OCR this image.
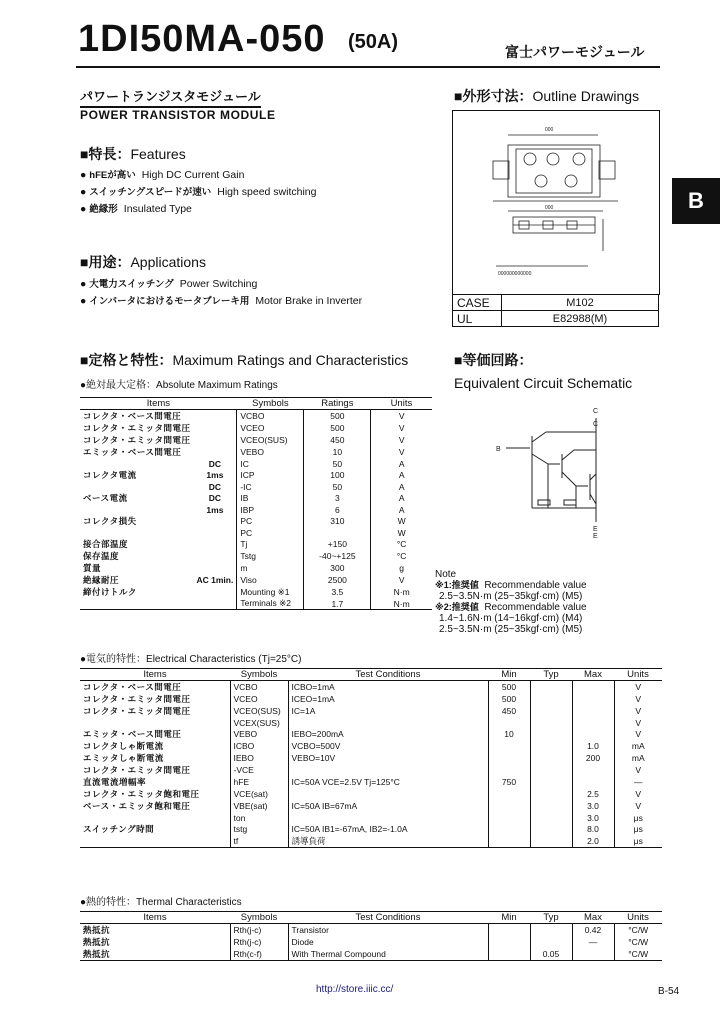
1DI50MA-050 (50A)	富士パワーモジュール
B
パワートランジスタモジュール
POWER TRANSISTOR MODULE
■特長：Features
● hFEが高い High DC Current Gain
● スイッチングスピードが速い High speed switching
● 絶縁形 Insulated Type
■用途：Applications
● 大電力スイッチング Power Switching
● インバータにおけるモータブレーキ用 Motor Brake in Inverter
■外形寸法：Outline Drawings
000
000
000000000000
CASE	M102
UL	E82988(M)
■定格と特性：Maximum Ratings and Characteristics
●絶対最大定格：Absolute Maximum Ratings
Items		Symbols	Ratings	Units
コレクタ・ベース間電圧		VCBO	500	V
コレクタ・エミッタ間電圧		VCEO	500	V
コレクタ・エミッタ間電圧		VCEO(SUS)	450	V
エミッタ・ベース間電圧		VEBO	10	V
	DC	IC	50	A
コレクタ電流	1ms	ICP	100	A
	DC	-IC	50	A
ベース電流	DC	IB	3	A
	1ms	IBP	6	A
コレクタ損失		PC	310	W
		PC		W
接合部温度		Tj	+150	°C
保存温度		Tstg	-40~+125	°C
質量		m	300	g
絶縁耐圧	AC 1min.	Viso	2500	V
締付けトルク		Mounting ※1	3.5	N·m
		Terminals ※2	1.7	N·m
■等価回路：
Equivalent Circuit Schematic
C
B
E
C
E
Note
※1:推奨値 Recommendable value
2.5~3.5N·m (25~35kgf·cm) (M5)
※2:推奨値 Recommendable value
1.4~1.6N·m (14~16kgf·cm) (M4)
2.5~3.5N·m (25~35kgf·cm) (M5)
●電気的特性：Electrical Characteristics (Tj=25°C)
Items	Symbols	Test Conditions	Min	Typ	Max	Units
コレクタ・ベース間電圧	VCBO	ICBO=1mA	500			V
コレクタ・エミッタ間電圧	VCEO	ICEO=1mA	500			V
コレクタ・エミッタ間電圧	VCEO(SUS)	IC=1A	450			V
	VCEX(SUS)					V
エミッタ・ベース間電圧	VEBO	IEBO=200mA	10			V
コレクタしゃ断電流	ICBO	VCBO=500V			1.0	mA
エミッタしゃ断電流	IEBO	VEBO=10V			200	mA
コレクタ・エミッタ間電圧	-VCE					V
直流電流増幅率	hFE	IC=50A VCE=2.5V Tj=125°C	750			—
コレクタ・エミッタ飽和電圧	VCE(sat)				2.5	V
ベース・エミッタ飽和電圧	VBE(sat)	IC=50A IB=67mA			3.0	V
	ton				3.0	μs
スイッチング時間	tstg	IC=50A IB1=-67mA, IB2=-1.0A			8.0	μs
	tf	誘導負荷			2.0	μs
●熱的特性：Thermal Characteristics
Items	Symbols	Test Conditions	Min	Typ	Max	Units
熱抵抗	Rth(j-c)	Transistor			0.42	°C/W
熱抵抗	Rth(j-c)	Diode			—	°C/W
熱抵抗	Rth(c-f)	With Thermal Compound		0.05		°C/W
http://store.iiic.cc/	B-54
